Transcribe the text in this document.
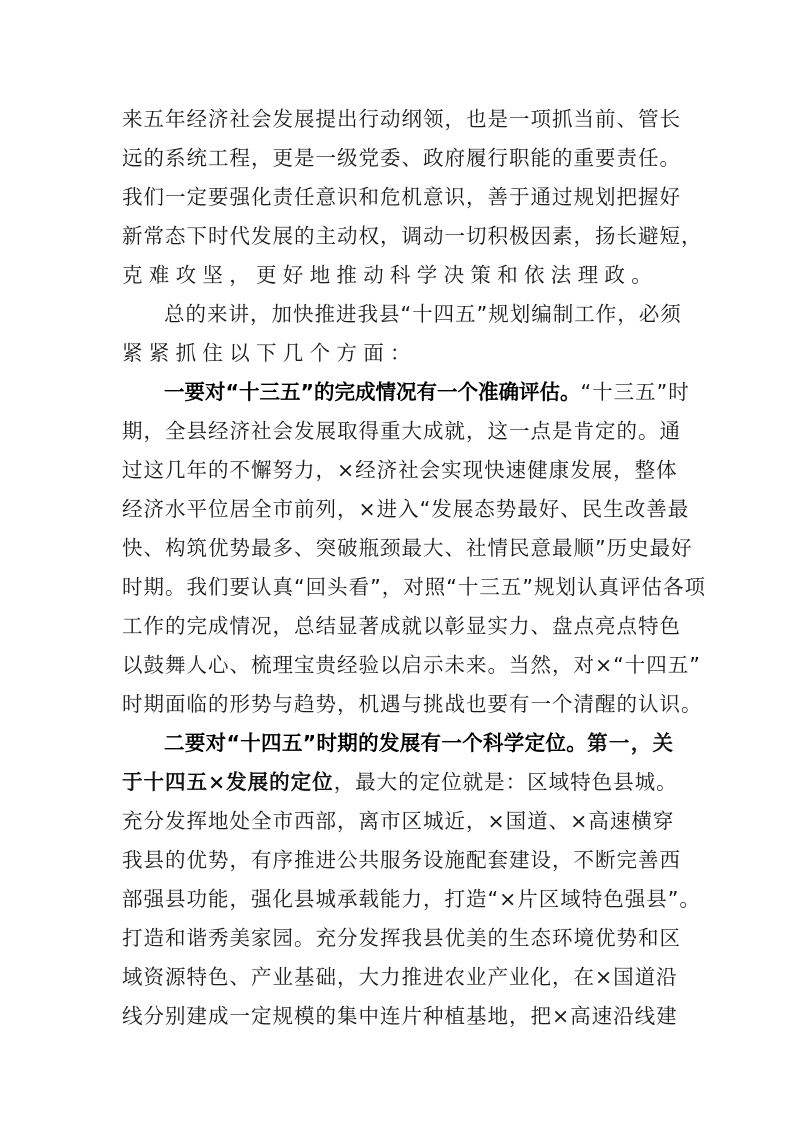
来五年经济社会发展提出行动纲领，也是一项抓当前、管长
远的系统工程，更是一级党委、政府履行职能的重要责任。
我们一定要强化责任意识和危机意识，善于通过规划把握好
新常态下时代发展的主动权，调动一切积极因素，扬长避短，
克难攻坚，更好地推动科学决策和依法理政。
总的来讲，加快推进我县“十四五”规划编制工作，必须
紧紧抓住以下几个方面：
一要对“十三五”的完成情况有一个准确评估。“十三五”时
期，全县经济社会发展取得重大成就，这一点是肯定的。通
过这几年的不懈努力，×经济社会实现快速健康发展，整体
经济水平位居全市前列，×进入“发展态势最好、民生改善最
快、构筑优势最多、突破瓶颈最大、社情民意最顺”历史最好
时期。我们要认真“回头看”，对照“十三五”规划认真评估各项
工作的完成情况，总结显著成就以彰显实力、盘点亮点特色
以鼓舞人心、梳理宝贵经验以启示未来。当然，对×“十四五”
时期面临的形势与趋势，机遇与挑战也要有一个清醒的认识。
二要对“十四五”时期的发展有一个科学定位。第一，关
于十四五×发展的定位，最大的定位就是：区域特色县城。
充分发挥地处全市西部，离市区城近，×国道、×高速横穿
我县的优势，有序推进公共服务设施配套建设，不断完善西
部强县功能，强化县城承载能力，打造“×片区域特色强县”。
打造和谐秀美家园。充分发挥我县优美的生态环境优势和区
域资源特色、产业基础，大力推进农业产业化，在×国道沿
线分别建成一定规模的集中连片种植基地，把×高速沿线建
